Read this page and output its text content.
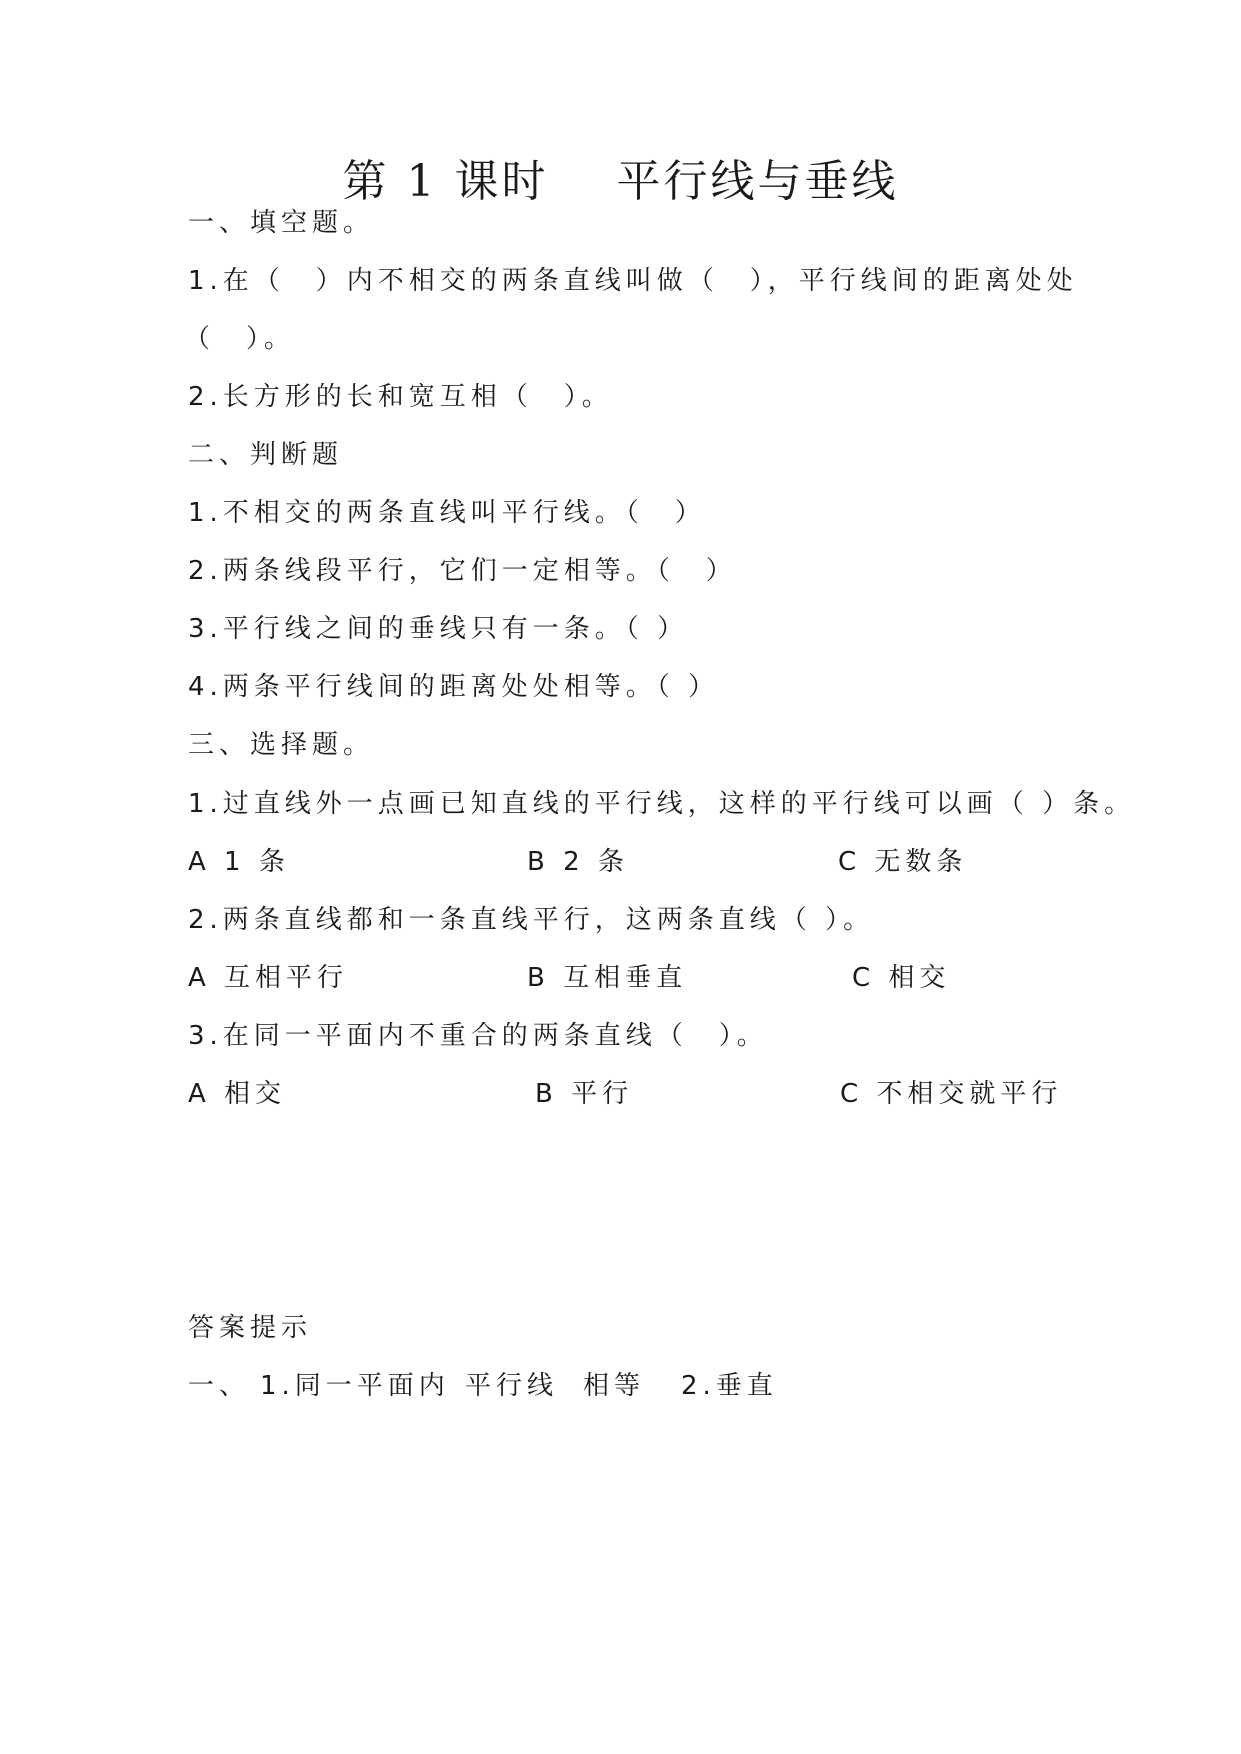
第 1 课时 平行线与垂线
一、填空题。
1.在（　）内不相交的两条直线叫做（　），平行线间的距离处处
（　）。
2.长方形的长和宽互相（　）。
二、判断题
1.不相交的两条直线叫平行线。（　）
2.两条线段平行，它们一定相等。（　）
3.平行线之间的垂线只有一条。（ ）
4.两条平行线间的距离处处相等。（ ）
三、选择题。
1.过直线外一点画已知直线的平行线，这样的平行线可以画（ ）条。
A 1 条	B 2 条	C 无数条
2.两条直线都和一条直线平行，这两条直线（ ）。
A 互相平行	B 互相垂直	C 相交
3.在同一平面内不重合的两条直线（　）。
A 相交	B 平行	C 不相交就平行
答案提示
一、 1.同一平面内 平行线 相等 2.垂直
